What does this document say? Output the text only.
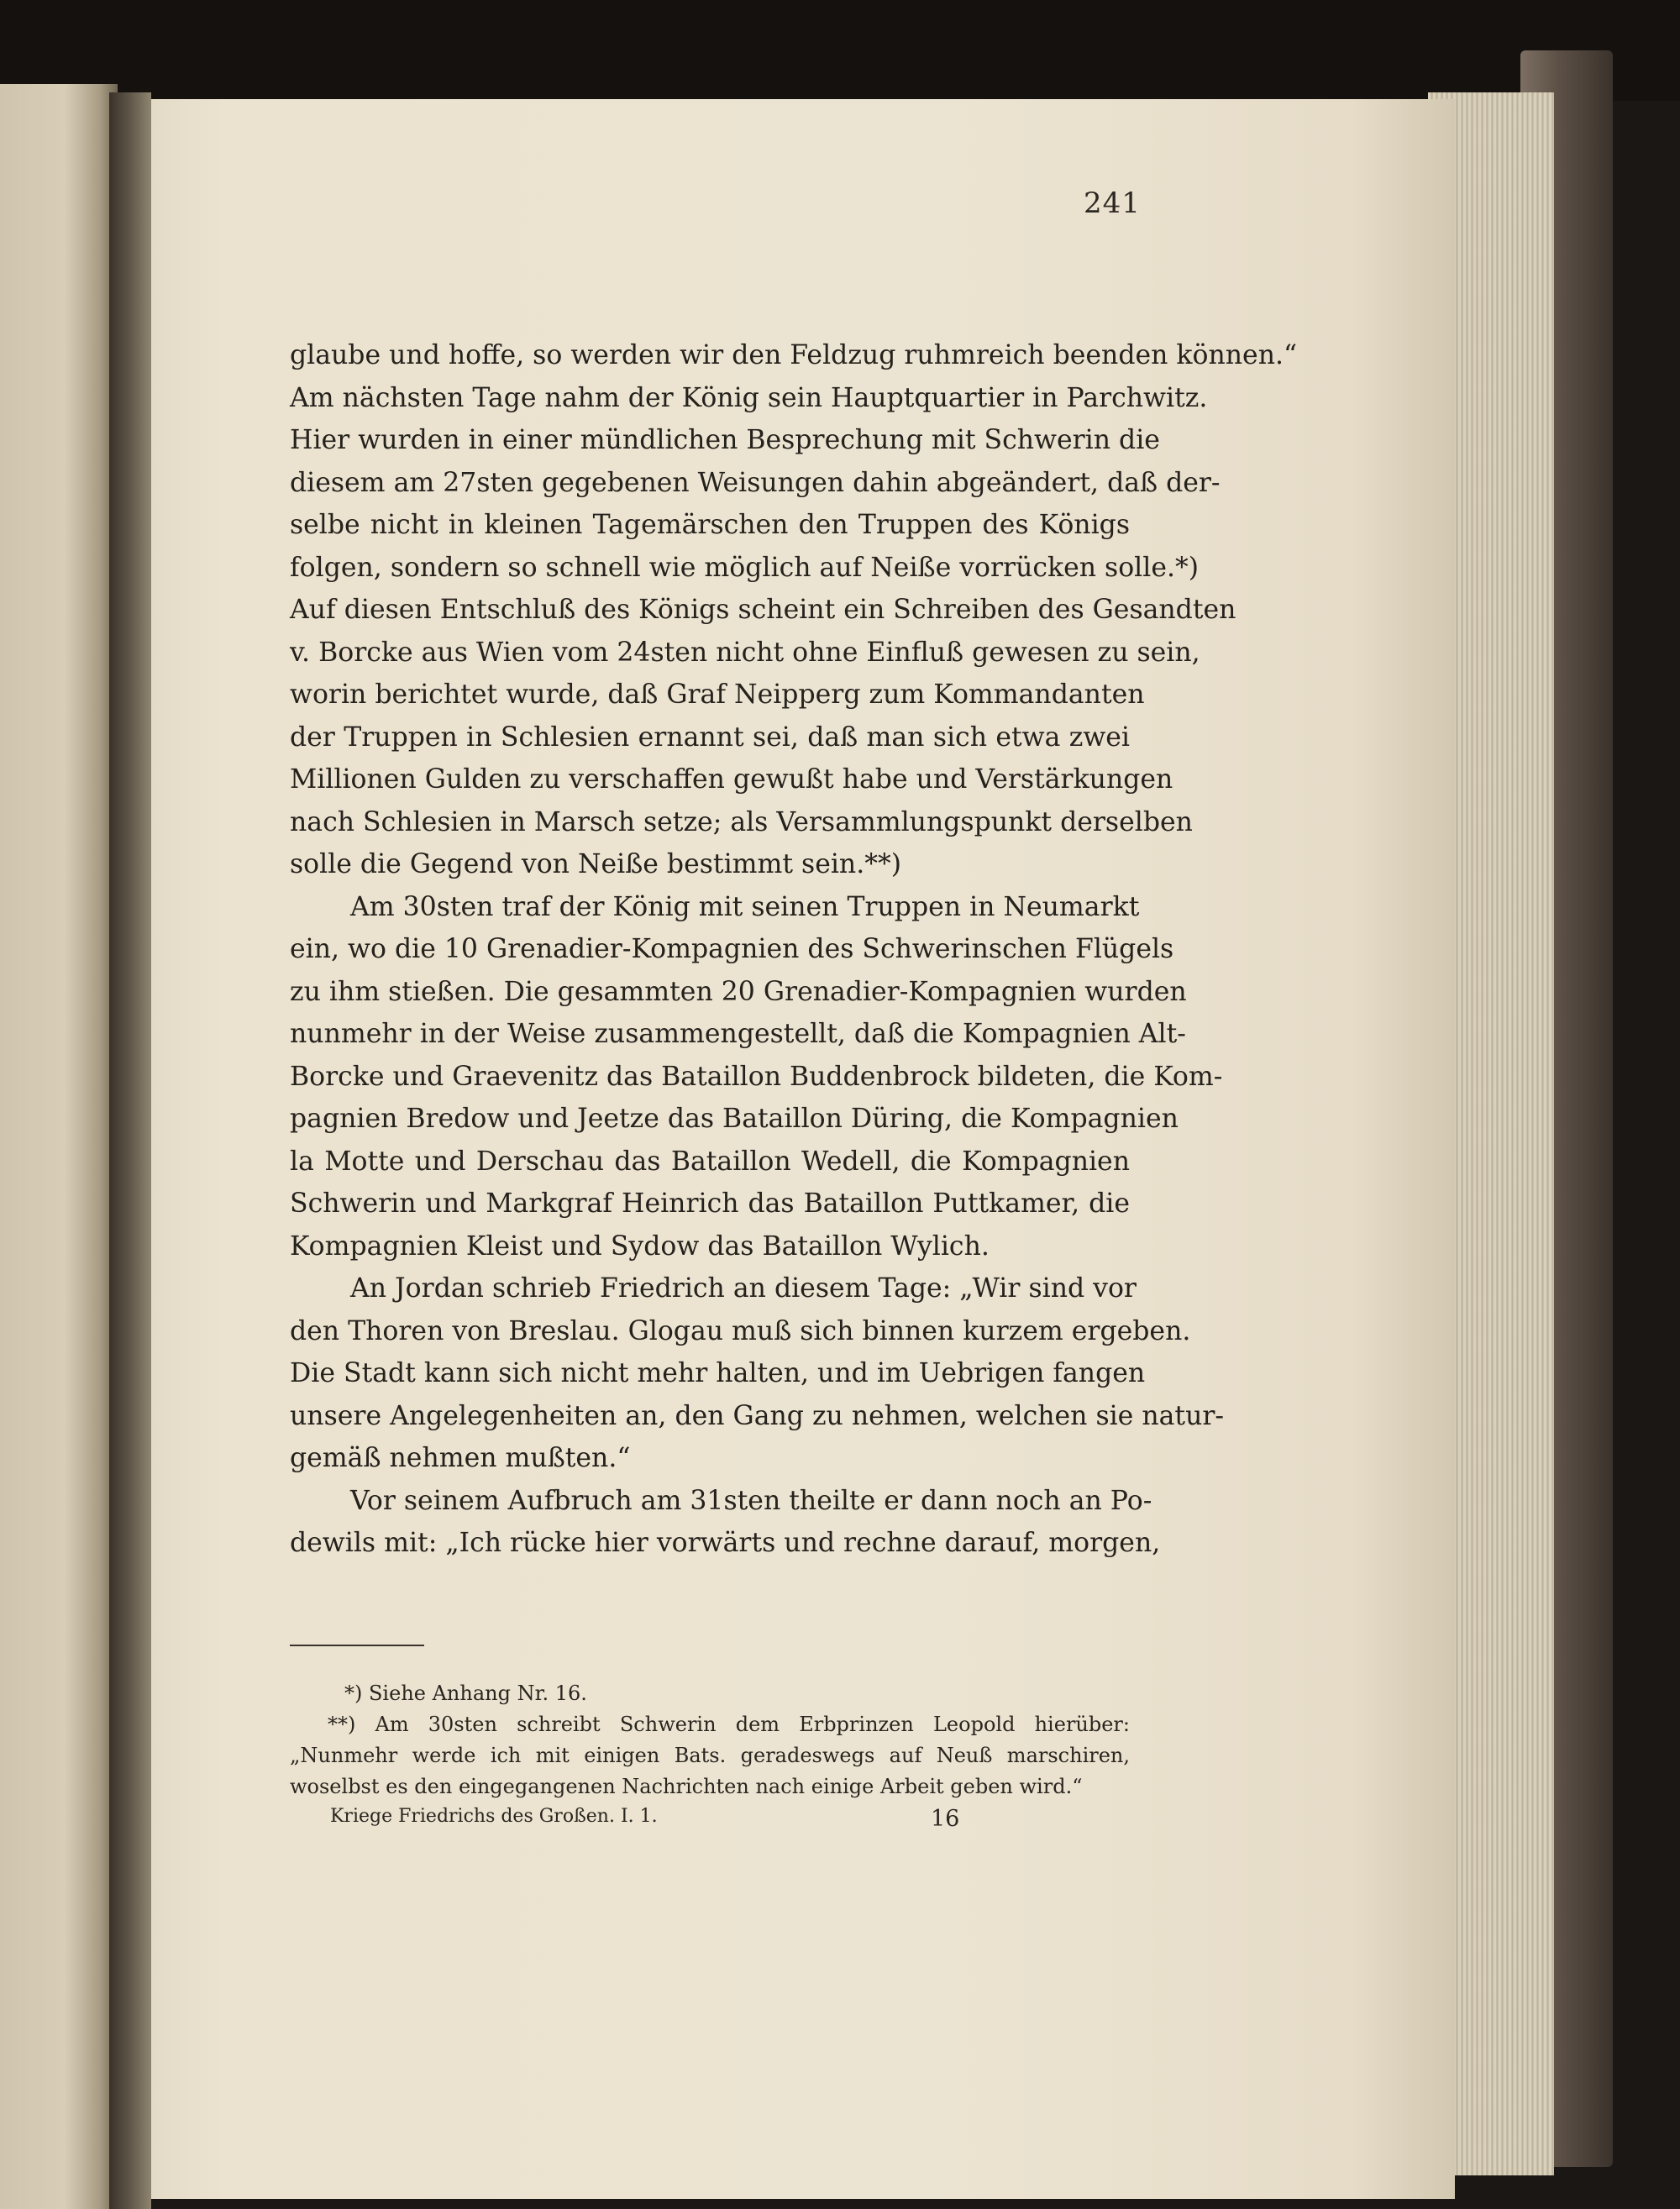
241
glaube und hoffe, so werden wir den Feldzug ruhmreich beenden können.“
Am nächsten Tage nahm der König sein Hauptquartier in Parchwitz.
Hier wurden in einer mündlichen Besprechung mit Schwerin die
diesem am 27sten gegebenen Weisungen dahin abgeändert, daß der-
selbe nicht in kleinen Tagemärschen den Truppen des Königs
folgen, sondern so schnell wie möglich auf Neiße vorrücken solle.*)
Auf diesen Entschluß des Königs scheint ein Schreiben des Gesandten
v. Borcke aus Wien vom 24sten nicht ohne Einfluß gewesen zu sein,
worin berichtet wurde, daß Graf Neipperg zum Kommandanten
der Truppen in Schlesien ernannt sei, daß man sich etwa zwei
Millionen Gulden zu verschaffen gewußt habe und Verstärkungen
nach Schlesien in Marsch setze; als Versammlungspunkt derselben
solle die Gegend von Neiße bestimmt sein.**)
Am 30sten traf der König mit seinen Truppen in Neumarkt
ein, wo die 10 Grenadier-Kompagnien des Schwerinschen Flügels
zu ihm stießen. Die gesammten 20 Grenadier-Kompagnien wurden
nunmehr in der Weise zusammengestellt, daß die Kompagnien Alt-
Borcke und Graevenitz das Bataillon Buddenbrock bildeten, die Kom-
pagnien Bredow und Jeetze das Bataillon Düring, die Kompagnien
la Motte und Derschau das Bataillon Wedell, die Kompagnien
Schwerin und Markgraf Heinrich das Bataillon Puttkamer, die
Kompagnien Kleist und Sydow das Bataillon Wylich.
An Jordan schrieb Friedrich an diesem Tage: „Wir sind vor
den Thoren von Breslau. Glogau muß sich binnen kurzem ergeben.
Die Stadt kann sich nicht mehr halten, und im Uebrigen fangen
unsere Angelegenheiten an, den Gang zu nehmen, welchen sie natur-
gemäß nehmen mußten.“
Vor seinem Aufbruch am 31sten theilte er dann noch an Po-
dewils mit: „Ich rücke hier vorwärts und rechne darauf, morgen,
*) Siehe Anhang Nr. 16.
**) Am 30sten schreibt Schwerin dem Erbprinzen Leopold hierüber:
„Nunmehr werde ich mit einigen Bats. geradeswegs auf Neuß marschiren,
woselbst es den eingegangenen Nachrichten nach einige Arbeit geben wird.“
Kriege Friedrichs des Großen. I. 1.	16
